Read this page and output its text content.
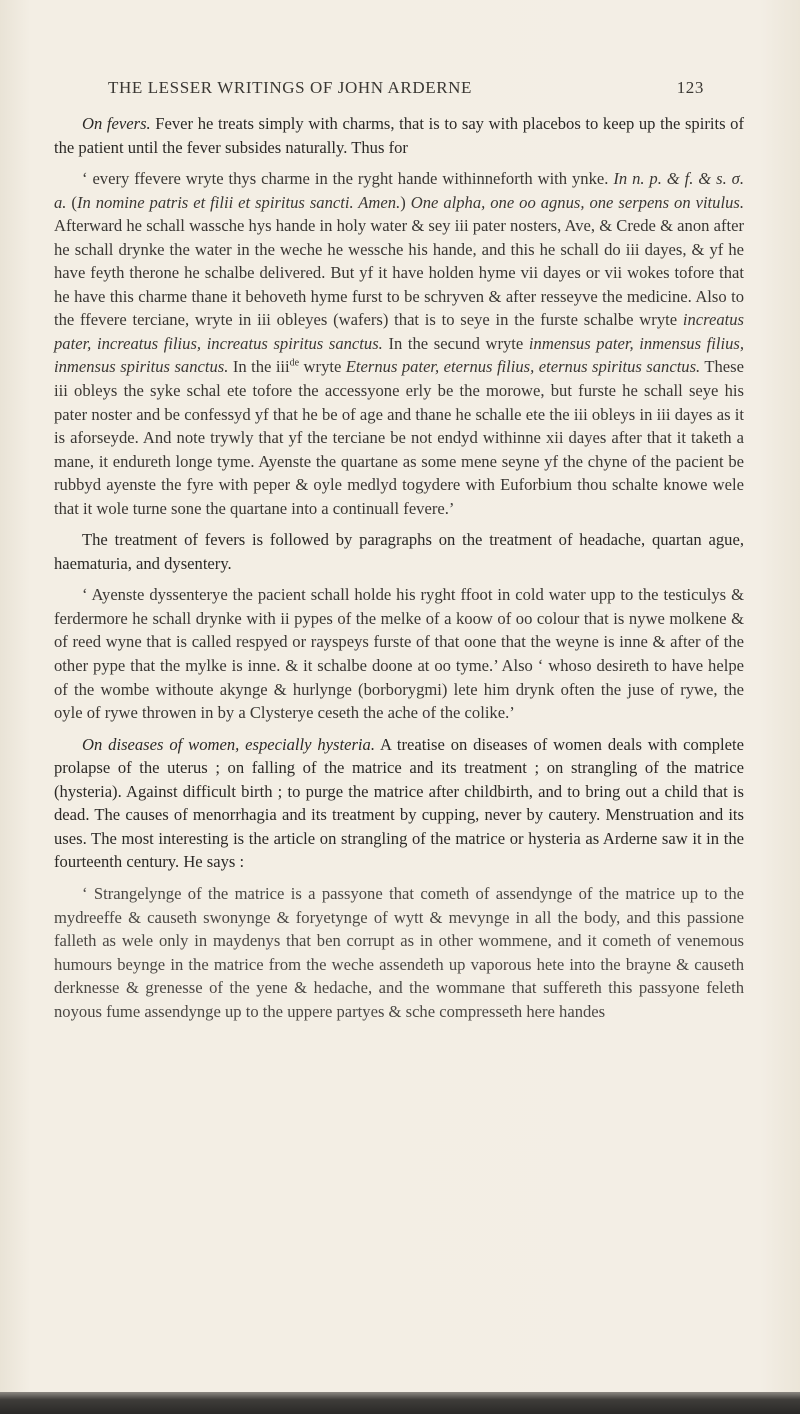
THE LESSER WRITINGS OF JOHN ARDERNE	123

On fevers. Fever he treats simply with charms, that is to say with placebos to keep up the spirits of the patient until the fever subsides naturally. Thus for

‘ every ffevere wryte thys charme in the ryght hande withinneforth with ynke. In n. p. & f. & s. σ. a. (In nomine patris et filii et spiritus sancti. Amen.) One alpha, one oo agnus, one serpens on vitulus. Afterward he schall wassche hys hande in holy water & sey iii pater nosters, Ave, & Crede & anon after he schall drynke the water in the weche he wessche his hande, and this he schall do iii dayes, & yf he have feyth therone he schalbe delivered. But yf it have holden hyme vii dayes or vii wokes tofore that he have this charme thane it behoveth hyme furst to be schryven & after resseyve the medicine. Also to the ffevere terciane, wryte in iii obleyes (wafers) that is to seye in the furste schalbe wryte increatus pater, increatus filius, increatus spiritus sanctus. In the secund wryte inmensus pater, inmensus filius, inmensus spiritus sanctus. In the iii$^{de}$ wryte Eternus pater, eternus filius, eternus spiritus sanctus. These iii obleys the syke schal ete tofore the accessyone erly be the morowe, but furste he schall seye his pater noster and be confessyd yf that he be of age and thane he schalle ete the iii obleys in iii dayes as it is aforseyde. And note trywly that yf the terciane be not endyd withinne xii dayes after that it taketh a mane, it endureth longe tyme. Ayenste the quartane as some mene seyne yf the chyne of the pacient be rubbyd ayenste the fyre with peper & oyle medlyd togydere with Euforbium thou schalte knowe wele that it wole turne sone the quartane into a continuall fevere.’

The treatment of fevers is followed by paragraphs on the treatment of headache, quartan ague, haematuria, and dysentery.

‘ Ayenste dyssenterye the pacient schall holde his ryght ffoot in cold water upp to the testiculys & ferdermore he schall drynke with ii pypes of the melke of a koow of oo colour that is nywe molkene & of reed wyne that is called respyed or rayspeys furste of that oone that the weyne is inne & after of the other pype that the mylke is inne. & it schalbe doone at oo tyme.’ Also ‘ whoso desireth to have helpe of the wombe withoute akynge & hurlynge (borborygmi) lete him drynk often the juse of rywe, the oyle of rywe throwen in by a Clysterye ceseth the ache of the colike.’

On diseases of women, especially hysteria. A treatise on diseases of women deals with complete prolapse of the uterus ; on falling of the matrice and its treatment ; on strangling of the matrice (hysteria). Against difficult birth ; to purge the matrice after childbirth, and to bring out a child that is dead. The causes of menorrhagia and its treatment by cupping, never by cautery. Menstruation and its uses. The most interesting is the article on strangling of the matrice or hysteria as Arderne saw it in the fourteenth century. He says :

‘ Strangelynge of the matrice is a passyone that cometh of assendynge of the matrice up to the mydreeffe & causeth swonynge & foryetynge of wytt & mevynge in all the body, and this passione falleth as wele only in maydenys that ben corrupt as in other wommene, and it cometh of venemous humours beynge in the matrice from the weche assendeth up vaporous hete into the brayne & causeth derknesse & grenesse of the yene & hedache, and the wommane that suffereth this passyone feleth noyous fume assendynge up to the uppere partyes & sche compresseth here handes
